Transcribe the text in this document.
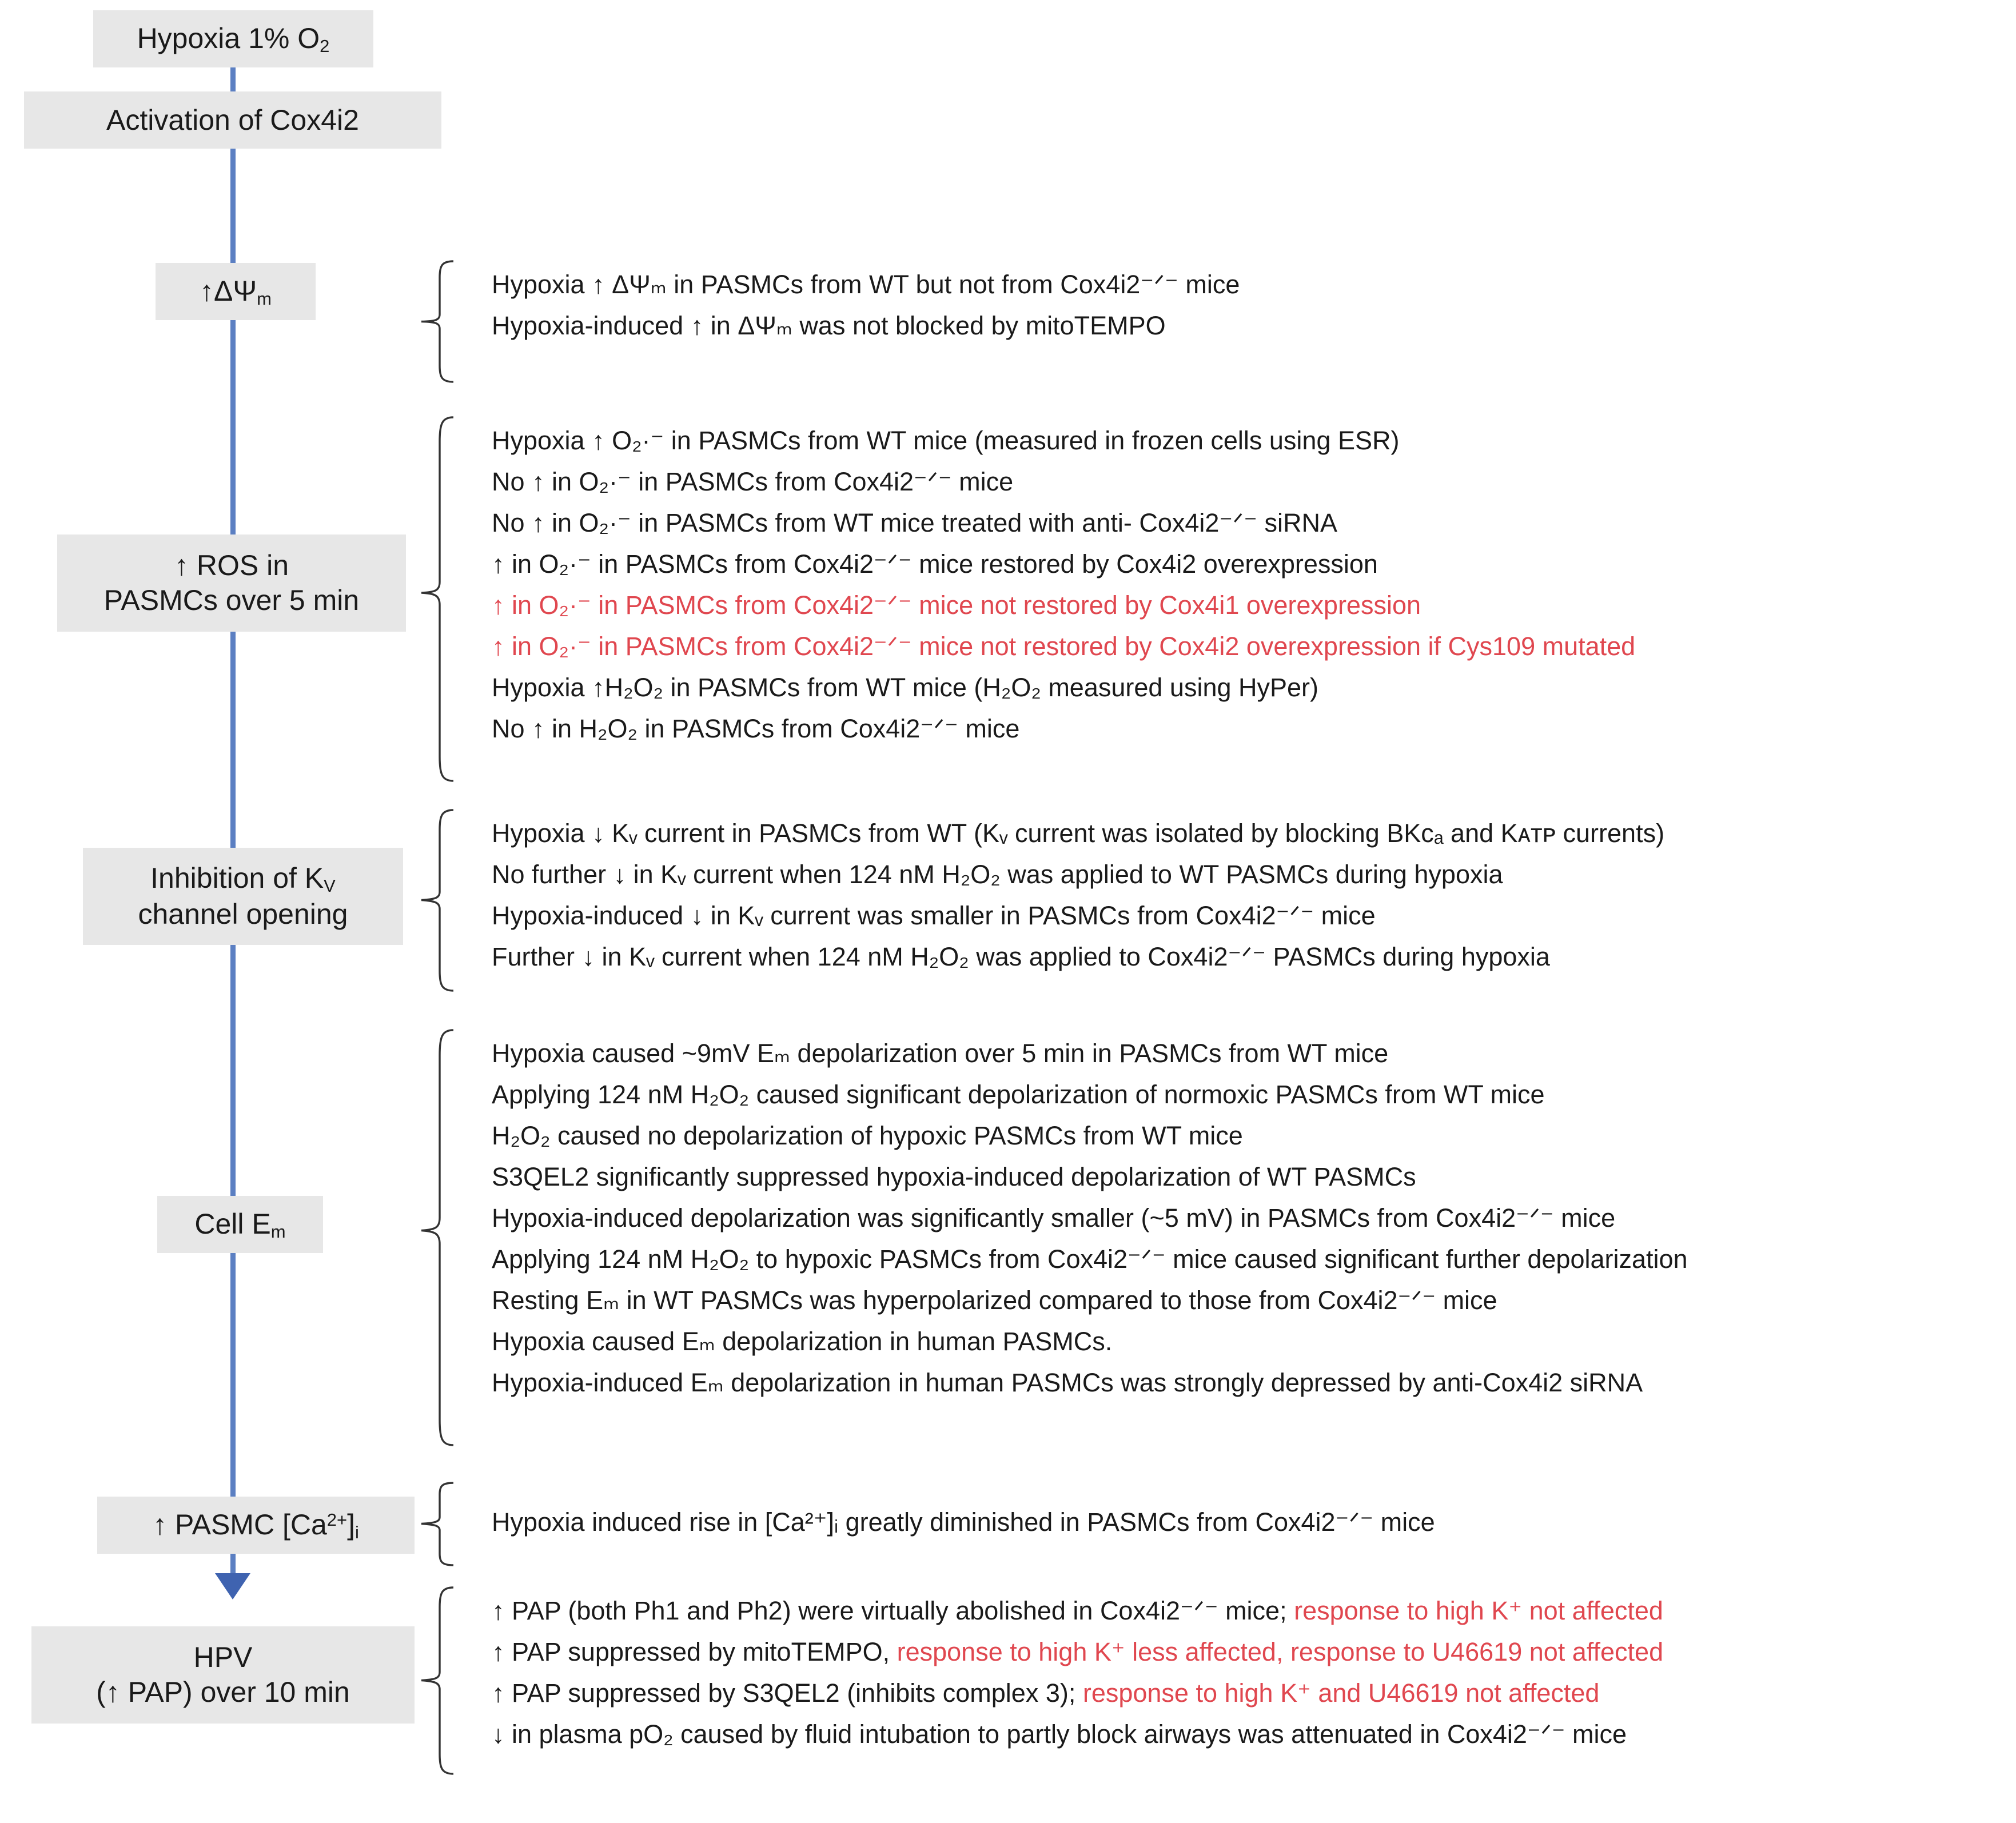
Hypoxia 1% $O_2$
Activation of Cox4i2
$↑\Delta\Psi_m$
↑ ROS in
PASMCs over 5 min
Inhibition of $K_V$
channel opening
Cell $E_m$
↑ PASMC $[Ca^{2+}]_i$
HPV
(↑ PAP) over 10 min
Hypoxia ↑ ΔΨₘ in PASMCs from WT but not from Cox4i2⁻ᐟ⁻ mice
Hypoxia-induced ↑ in ΔΨₘ was not blocked by mitoTEMPO
Hypoxia ↑ O₂·⁻ in PASMCs from WT mice (measured in frozen cells using ESR)
No ↑ in O₂·⁻ in PASMCs from Cox4i2⁻ᐟ⁻ mice
No ↑ in O₂·⁻ in PASMCs from WT mice treated with anti- Cox4i2⁻ᐟ⁻ siRNA
↑ in O₂·⁻ in PASMCs from Cox4i2⁻ᐟ⁻ mice restored by Cox4i2 overexpression
↑ in O₂·⁻ in PASMCs from Cox4i2⁻ᐟ⁻ mice not restored by Cox4i1 overexpression
↑ in O₂·⁻ in PASMCs from Cox4i2⁻ᐟ⁻ mice not restored by Cox4i2 overexpression if Cys109 mutated
Hypoxia ↑H₂O₂ in PASMCs from WT mice (H₂O₂ measured using HyPer)
No ↑ in H₂O₂ in PASMCs from Cox4i2⁻ᐟ⁻ mice
Hypoxia ↓ Kᵥ current in PASMCs from WT (Kᵥ current was isolated by blocking BKᴄₐ and Kᴀᴛᴘ currents)
No further ↓ in Kᵥ current when 124 nM H₂O₂ was applied to WT PASMCs during hypoxia
Hypoxia-induced ↓ in Kᵥ current was smaller in PASMCs from Cox4i2⁻ᐟ⁻ mice
Further ↓ in Kᵥ current when 124 nM H₂O₂ was applied to Cox4i2⁻ᐟ⁻ PASMCs during hypoxia
Hypoxia caused ~9mV Eₘ depolarization over 5 min in PASMCs from WT mice
Applying 124 nM H₂O₂ caused significant depolarization of normoxic PASMCs from WT mice
H₂O₂ caused no depolarization of hypoxic PASMCs from WT mice
S3QEL2 significantly suppressed hypoxia-induced depolarization of WT PASMCs
Hypoxia-induced depolarization was significantly smaller (~5 mV) in PASMCs from Cox4i2⁻ᐟ⁻ mice
Applying 124 nM H₂O₂ to hypoxic PASMCs from Cox4i2⁻ᐟ⁻ mice caused significant further depolarization
Resting Eₘ in WT PASMCs was hyperpolarized compared to those from Cox4i2⁻ᐟ⁻ mice
Hypoxia caused Eₘ depolarization in human PASMCs.
Hypoxia-induced Eₘ depolarization in human PASMCs was strongly depressed by anti-Cox4i2 siRNA
Hypoxia induced rise in [Ca²⁺]ᵢ greatly diminished in PASMCs from Cox4i2⁻ᐟ⁻ mice
↑ PAP (both Ph1 and Ph2) were virtually abolished in Cox4i2⁻ᐟ⁻ mice; response to high K⁺ not affected
↑ PAP suppressed by mitoTEMPO, response to high K⁺ less affected, response to U46619 not affected
↑ PAP suppressed by S3QEL2 (inhibits complex 3); response to high K⁺ and U46619 not affected
↓ in plasma pO₂ caused by fluid intubation to partly block airways was attenuated in Cox4i2⁻ᐟ⁻ mice
